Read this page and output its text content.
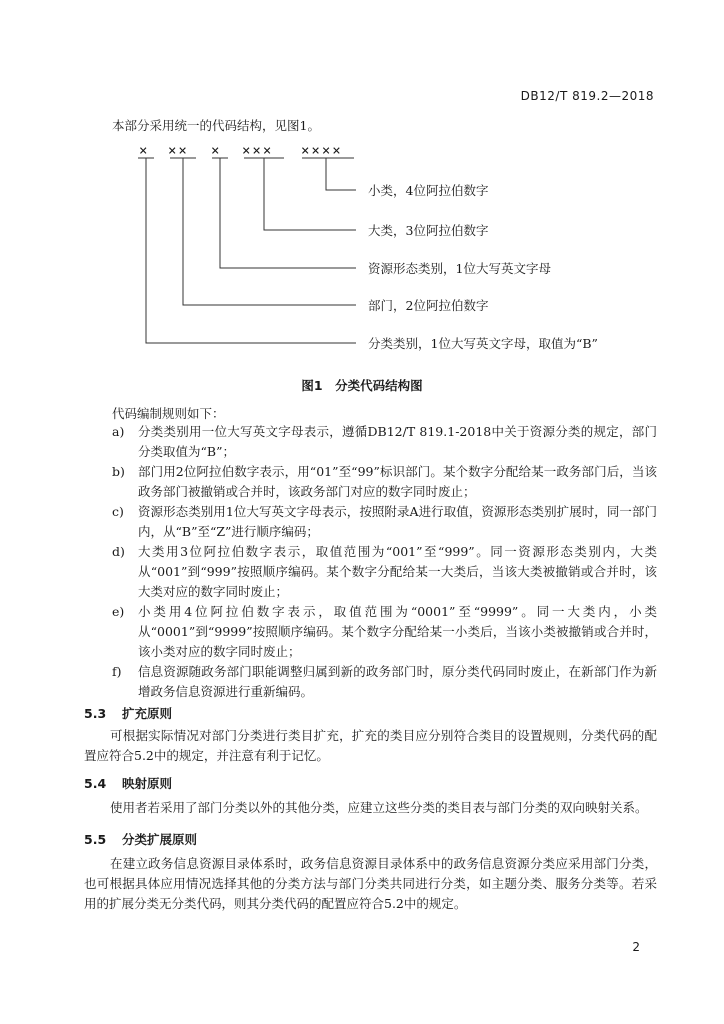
DB12/T 819.2—2018
本部分采用统一的代码结构，见图1。
× ×× × ××× ××××
小类，4位阿拉伯数字
大类，3位阿拉伯数字
资源形态类别，1位大写英文字母
部门，2位阿拉伯数字
分类类别，1位大写英文字母，取值为“B”
图1　分类代码结构图
代码编制规则如下：
a) 分类类别用一位大写英文字母表示，遵循DB12/T 819.1-2018中关于资源分类的规定，部门分类取值为“B”；
b) 部门用2位阿拉伯数字表示，用“01”至“99”标识部门。某个数字分配给某一政务部门后，当该政务部门被撤销或合并时，该政务部门对应的数字同时废止；
c) 资源形态类别用1位大写英文字母表示，按照附录A进行取值，资源形态类别扩展时，同一部门内，从“B”至“Z”进行顺序编码；
d) 大类用3位阿拉伯数字表示，取值范围为“001”至“999”。同一资源形态类别内，大类从“001”到“999”按照顺序编码。某个数字分配给某一大类后，当该大类被撤销或合并时，该大类对应的数字同时废止；
e) 小类用4位阿拉伯数字表示，取值范围为“0001”至“9999”。同一大类内，小类从“0001”到“9999”按照顺序编码。某个数字分配给某一小类后，当该小类被撤销或合并时，该小类对应的数字同时废止；
f) 信息资源随政务部门职能调整归属到新的政务部门时，原分类代码同时废止，在新部门作为新增政务信息资源进行重新编码。
5.3 扩充原则
可根据实际情况对部门分类进行类目扩充，扩充的类目应分别符合类目的设置规则，分类代码的配置应符合5.2中的规定，并注意有利于记忆。
5.4 映射原则
使用者若采用了部门分类以外的其他分类，应建立这些分类的类目表与部门分类的双向映射关系。
5.5 分类扩展原则
在建立政务信息资源目录体系时，政务信息资源目录体系中的政务信息资源分类应采用部门分类，也可根据具体应用情况选择其他的分类方法与部门分类共同进行分类，如主题分类、服务分类等。若采用的扩展分类无分类代码，则其分类代码的配置应符合5.2中的规定。
2
